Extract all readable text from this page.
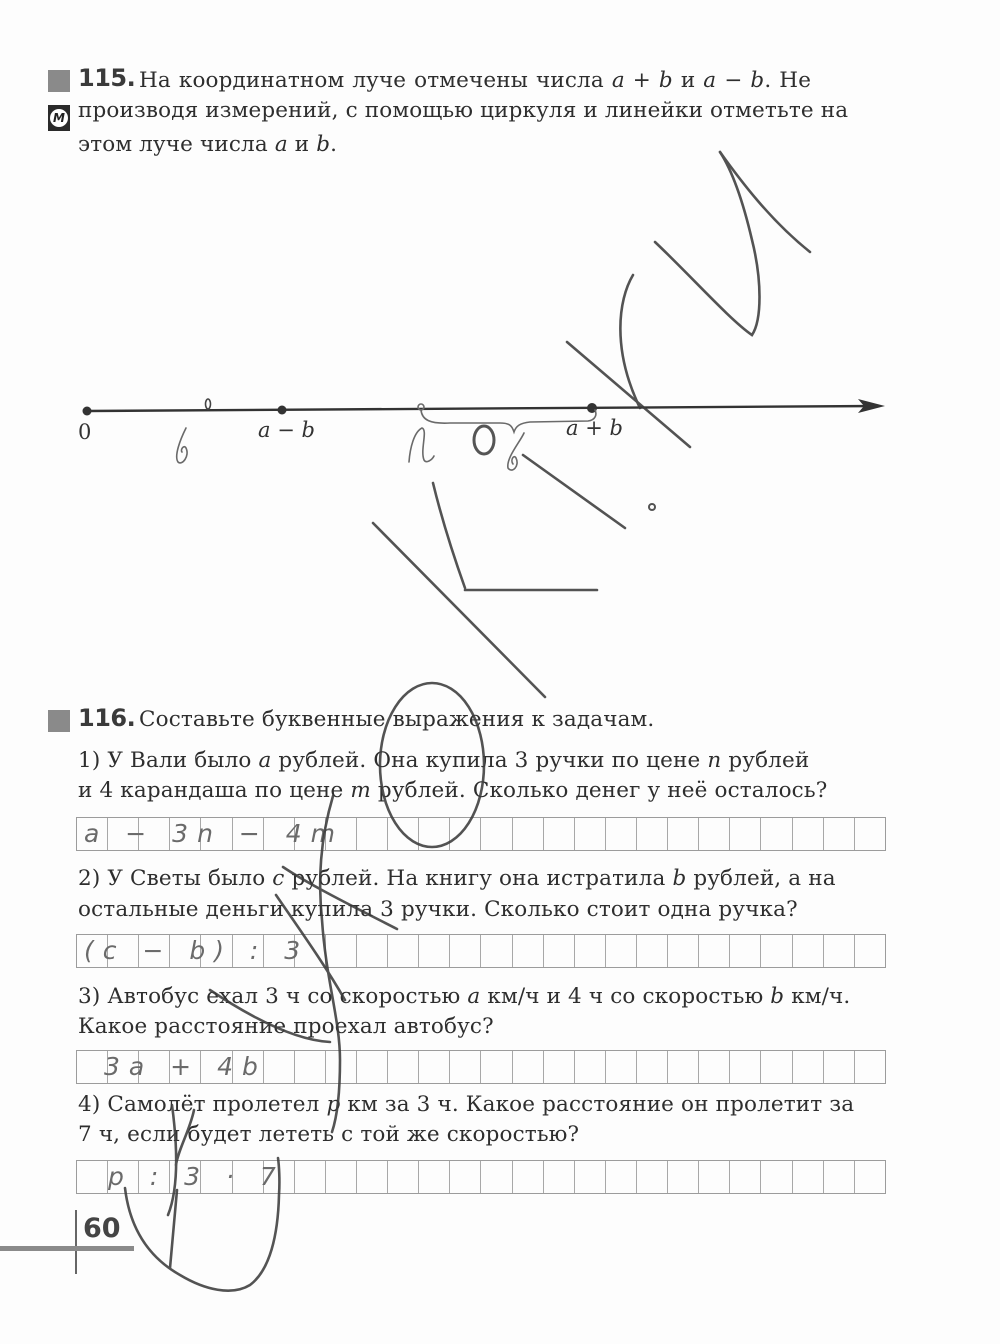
115. На координатном луче отмечены числа a + b и a − b. Не
М производя измерений, с помощью циркуля и линейки отметьте на
этом луче числа a и b.
0	a − b	a + b
116. Составьте буквенные выражения к задачам.
1) У Вали было a рублей. Она купила 3 ручки по цене n рублей
и 4 карандаша по цене m рублей. Сколько денег у неё осталось?
a − 3n − 4m
2) У Светы было c рублей. На книгу она истратила b рублей, а на
остальные деньги купила 3 ручки. Сколько стоит одна ручка?
(c − b) : 3
3) Автобус ехал 3 ч со скоростью a км/ч и 4 ч со скоростью b км/ч.
Какое расстояние проехал автобус?
3a + 4b
4) Самолёт пролетел p км за 3 ч. Какое расстояние он пролетит за
7 ч, если будет лететь с той же скоростью?
p : 3 · 7
60
